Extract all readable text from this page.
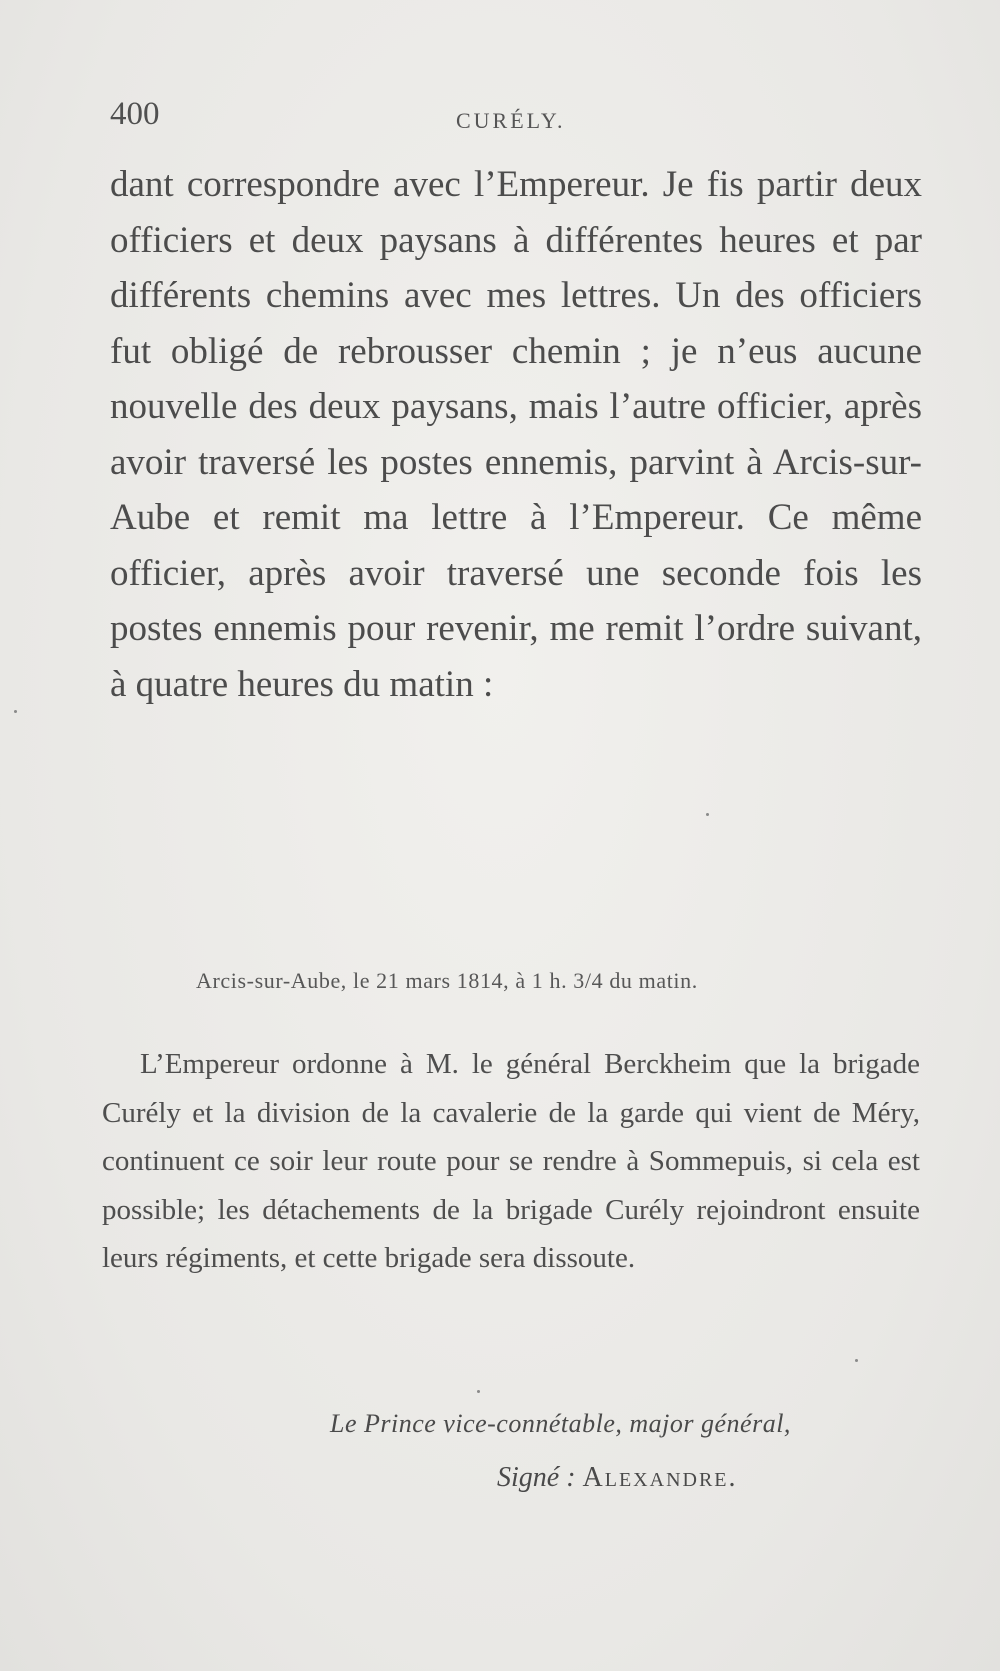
400	CURÉLY.

dant correspondre avec l’Empereur. Je fis partir deux officiers et deux paysans à différentes heures et par différents chemins avec mes lettres. Un des officiers fut obligé de rebrousser chemin ; je n’eus aucune nouvelle des deux paysans, mais l’autre officier, après avoir traversé les postes ennemis, parvint à Arcis-sur-Aube et remit ma lettre à l’Empereur. Ce même officier, après avoir traversé une seconde fois les postes ennemis pour revenir, me remit l’ordre suivant, à quatre heures du matin :

Arcis-sur-Aube, le 21 mars 1814, à 1 h. 3/4 du matin.

L’Empereur ordonne à M. le général Berckheim que la brigade Curély et la division de la cavalerie de la garde qui vient de Méry, continuent ce soir leur route pour se rendre à Sommepuis, si cela est possible; les détachements de la brigade Curély rejoindront ensuite leurs régiments, et cette brigade sera dissoute.

Le Prince vice-connétable, major général,
Signé : Alexandre.
